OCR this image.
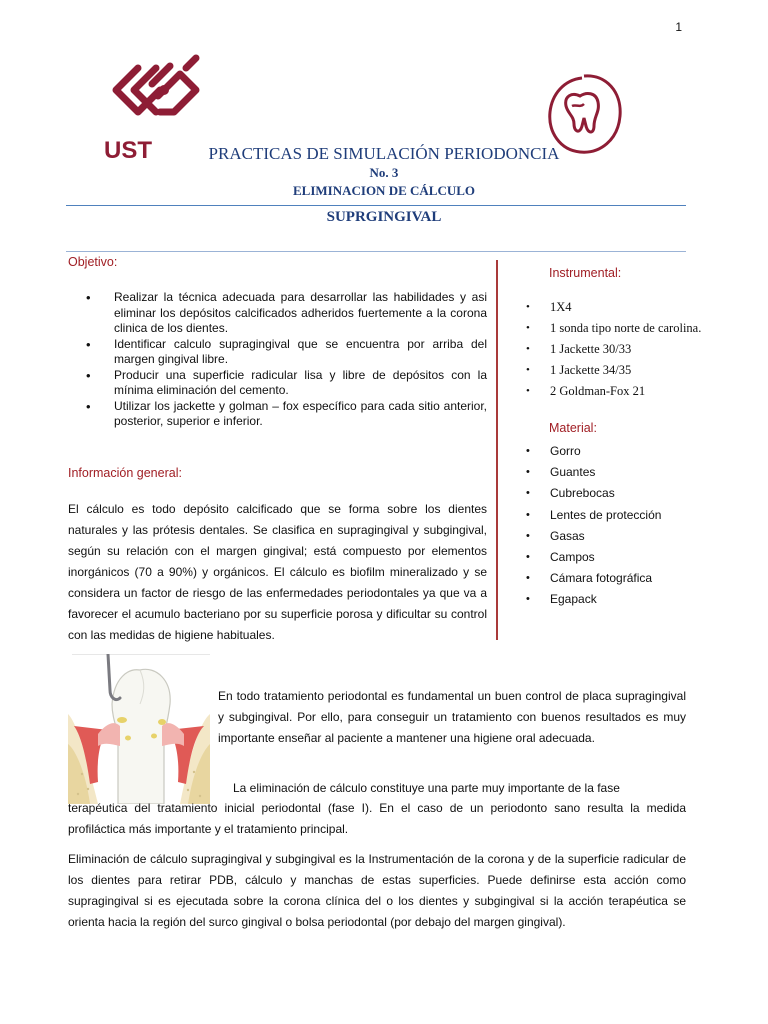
1
UST	PRACTICAS DE SIMULACIÓN PERIODONCIA
No. 3
ELIMINACION DE CÁLCULO
SUPRGINGIVAL
Objetivo:
• Realizar la técnica adecuada para desarrollar las habilidades y asi eliminar los depósitos calcificados adheridos fuertemente a la corona clinica de los dientes.
• Identificar calculo supragingival que se encuentra por arriba del margen gingival libre.
• Producir una superficie radicular lisa y libre de depósitos con la mínima eliminación del cemento.
• Utilizar los jackette y golman – fox específico para cada sitio anterior, posterior, superior e inferior.
Información general:
El cálculo es todo depósito calcificado que se forma sobre los dientes naturales y las prótesis dentales. Se clasifica en supragingival y subgingival, según su relación con el margen gingival; está compuesto por elementos inorgánicos (70 a 90%) y orgánicos. El cálculo es biofilm mineralizado y se considera un factor de riesgo de las enfermedades periodontales ya que va a favorecer el acumulo bacteriano por su superficie porosa y dificultar su control con las medidas de higiene habituales.
Instrumental:
• 1X4
• 1 sonda tipo norte de carolina.
• 1 Jackette 30/33
• 1 Jackette 34/35
• 2 Goldman-Fox 21
Material:
• Gorro
• Guantes
• Cubrebocas
• Lentes de protección
• Gasas
• Campos
• Cámara fotográfica
• Egapack
En todo tratamiento periodontal es fundamental un buen control de placa supragingival y subgingival. Por ello, para conseguir un tratamiento con buenos resultados es muy importante enseñar al paciente a mantener una higiene oral adecuada.
La eliminación de cálculo constituye una parte muy importante de la fase
terapéutica del tratamiento inicial periodontal (fase I). En el caso de un periodonto sano resulta la medida profiláctica más importante y el tratamiento principal.
Eliminación de cálculo supragingival y subgingival es la Instrumentación de la corona y de la superficie radicular de los dientes para retirar PDB, cálculo y manchas de estas superficies. Puede definirse esta acción como supragingival si es ejecutada sobre la corona clínica del o los dientes y subgingival si la acción terapéutica se orienta hacia la región del surco gingival o bolsa periodontal (por debajo del margen gingival).
